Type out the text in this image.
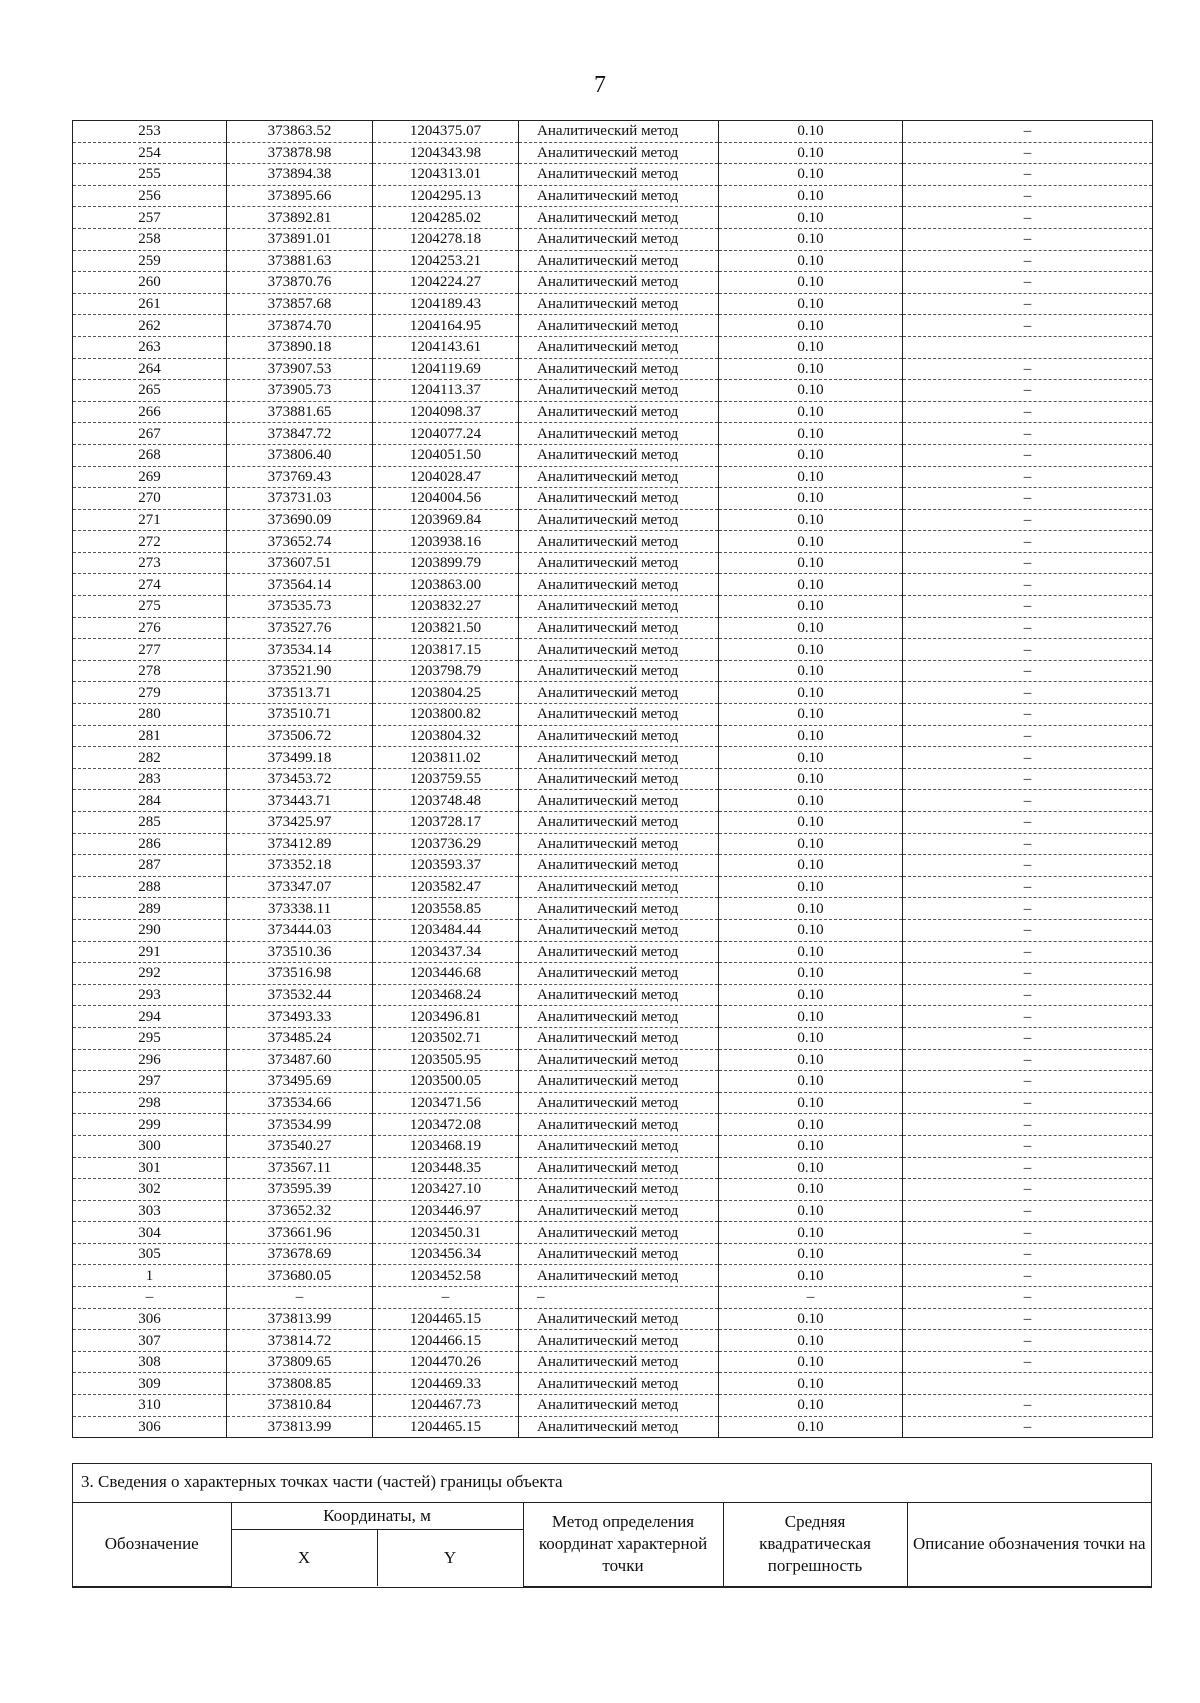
7
253	373863.52	1204375.07	Аналитический метод	0.10	–
254	373878.98	1204343.98	Аналитический метод	0.10	–
255	373894.38	1204313.01	Аналитический метод	0.10	–
256	373895.66	1204295.13	Аналитический метод	0.10	–
257	373892.81	1204285.02	Аналитический метод	0.10	–
258	373891.01	1204278.18	Аналитический метод	0.10	–
259	373881.63	1204253.21	Аналитический метод	0.10	–
260	373870.76	1204224.27	Аналитический метод	0.10	–
261	373857.68	1204189.43	Аналитический метод	0.10	–
262	373874.70	1204164.95	Аналитический метод	0.10	–
263	373890.18	1204143.61	Аналитический метод	0.10	
264	373907.53	1204119.69	Аналитический метод	0.10	–
265	373905.73	1204113.37	Аналитический метод	0.10	–
266	373881.65	1204098.37	Аналитический метод	0.10	–
267	373847.72	1204077.24	Аналитический метод	0.10	–
268	373806.40	1204051.50	Аналитический метод	0.10	–
269	373769.43	1204028.47	Аналитический метод	0.10	–
270	373731.03	1204004.56	Аналитический метод	0.10	–
271	373690.09	1203969.84	Аналитический метод	0.10	–
272	373652.74	1203938.16	Аналитический метод	0.10	–
273	373607.51	1203899.79	Аналитический метод	0.10	–
274	373564.14	1203863.00	Аналитический метод	0.10	–
275	373535.73	1203832.27	Аналитический метод	0.10	–
276	373527.76	1203821.50	Аналитический метод	0.10	–
277	373534.14	1203817.15	Аналитический метод	0.10	–
278	373521.90	1203798.79	Аналитический метод	0.10	–
279	373513.71	1203804.25	Аналитический метод	0.10	–
280	373510.71	1203800.82	Аналитический метод	0.10	–
281	373506.72	1203804.32	Аналитический метод	0.10	–
282	373499.18	1203811.02	Аналитический метод	0.10	–
283	373453.72	1203759.55	Аналитический метод	0.10	–
284	373443.71	1203748.48	Аналитический метод	0.10	–
285	373425.97	1203728.17	Аналитический метод	0.10	–
286	373412.89	1203736.29	Аналитический метод	0.10	–
287	373352.18	1203593.37	Аналитический метод	0.10	–
288	373347.07	1203582.47	Аналитический метод	0.10	–
289	373338.11	1203558.85	Аналитический метод	0.10	–
290	373444.03	1203484.44	Аналитический метод	0.10	–
291	373510.36	1203437.34	Аналитический метод	0.10	–
292	373516.98	1203446.68	Аналитический метод	0.10	–
293	373532.44	1203468.24	Аналитический метод	0.10	–
294	373493.33	1203496.81	Аналитический метод	0.10	–
295	373485.24	1203502.71	Аналитический метод	0.10	–
296	373487.60	1203505.95	Аналитический метод	0.10	–
297	373495.69	1203500.05	Аналитический метод	0.10	–
298	373534.66	1203471.56	Аналитический метод	0.10	–
299	373534.99	1203472.08	Аналитический метод	0.10	–
300	373540.27	1203468.19	Аналитический метод	0.10	–
301	373567.11	1203448.35	Аналитический метод	0.10	–
302	373595.39	1203427.10	Аналитический метод	0.10	–
303	373652.32	1203446.97	Аналитический метод	0.10	–
304	373661.96	1203450.31	Аналитический метод	0.10	–
305	373678.69	1203456.34	Аналитический метод	0.10	–
1	373680.05	1203452.58	Аналитический метод	0.10	–
–	–	–	–	–	–
306	373813.99	1204465.15	Аналитический метод	0.10	–
307	373814.72	1204466.15	Аналитический метод	0.10	–
308	373809.65	1204470.26	Аналитический метод	0.10	–
309	373808.85	1204469.33	Аналитический метод	0.10	
310	373810.84	1204467.73	Аналитический метод	0.10	–
306	373813.99	1204465.15	Аналитический метод	0.10	–
3. Сведения о характерных точках части (частей) границы объекта
Обозначение	Координаты, м		Метод определения координат характерной точки	Средняя квадратическая погрешность	Описание обозначения точки на
	X	Y			
